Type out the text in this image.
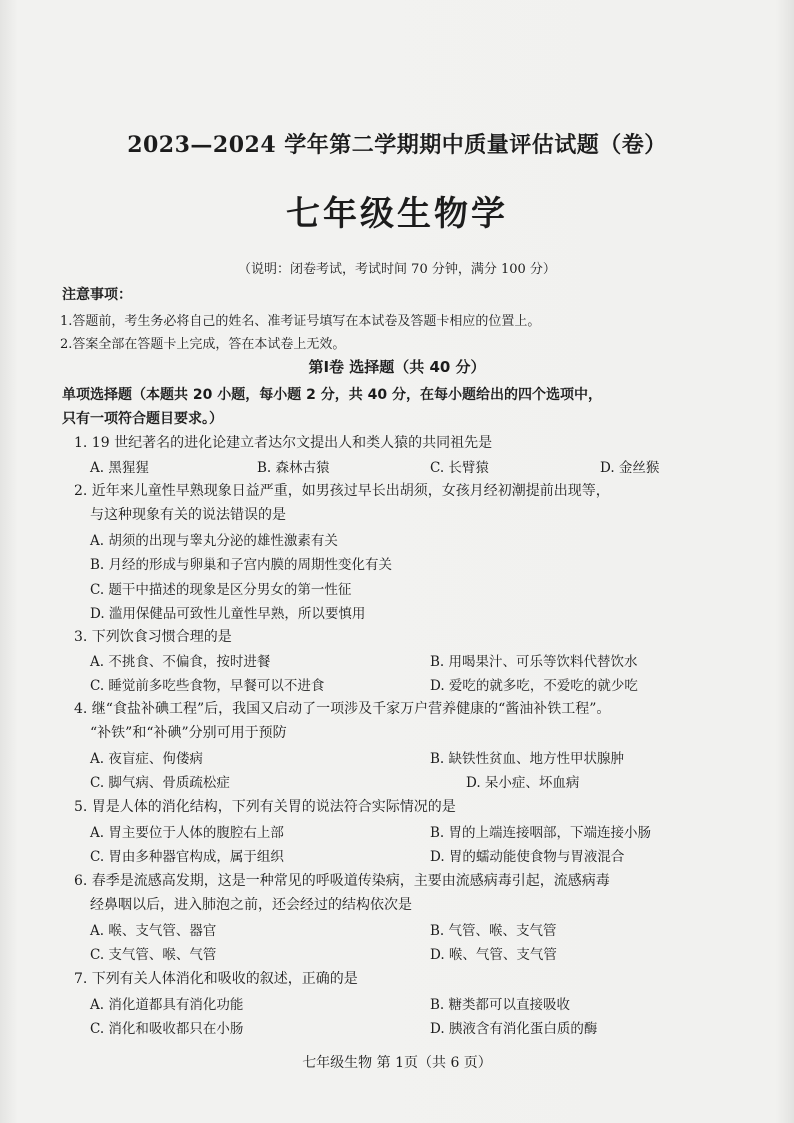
2023—2024 学年第二学期期中质量评估试题（卷）
七年级生物学
（说明：闭卷考试，考试时间 70 分钟，满分 100 分）
注意事项：
1.答题前，考生务必将自己的姓名、准考证号填写在本试卷及答题卡相应的位置上。
2.答案全部在答题卡上完成，答在本试卷上无效。
第Ⅰ卷 选择题（共 40 分）
单项选择题（本题共 20 小题，每小题 2 分，共 40 分，在每小题给出的四个选项中，
只有一项符合题目要求。）
1. 19 世纪著名的进化论建立者达尔文提出人和类人猿的共同祖先是
A. 黑猩猩	B. 森林古猿	C. 长臂猿	D. 金丝猴
2. 近年来儿童性早熟现象日益严重，如男孩过早长出胡须，女孩月经初潮提前出现等，
与这种现象有关的说法错误的是
A. 胡须的出现与睾丸分泌的雄性激素有关
B. 月经的形成与卵巢和子宫内膜的周期性变化有关
C. 题干中描述的现象是区分男女的第一性征
D. 滥用保健品可致性儿童性早熟，所以要慎用
3. 下列饮食习惯合理的是
A. 不挑食、不偏食，按时进餐	B. 用喝果汁、可乐等饮料代替饮水
C. 睡觉前多吃些食物，早餐可以不进食	D. 爱吃的就多吃，不爱吃的就少吃
4. 继“食盐补碘工程”后，我国又启动了一项涉及千家万户营养健康的“酱油补铁工程”。
“补铁”和“补碘”分别可用于预防
A. 夜盲症、佝偻病	B. 缺铁性贫血、地方性甲状腺肿
C. 脚气病、骨质疏松症	D. 呆小症、坏血病
5. 胃是人体的消化结构，下列有关胃的说法符合实际情况的是
A. 胃主要位于人体的腹腔右上部	B. 胃的上端连接咽部，下端连接小肠
C. 胃由多种器官构成，属于组织	D. 胃的蠕动能使食物与胃液混合
6. 春季是流感高发期，这是一种常见的呼吸道传染病，主要由流感病毒引起，流感病毒
经鼻咽以后，进入肺泡之前，还会经过的结构依次是
A. 喉、支气管、器官	B. 气管、喉、支气管
C. 支气管、喉、气管	D. 喉、气管、支气管
7. 下列有关人体消化和吸收的叙述，正确的是
A. 消化道都具有消化功能	B. 糖类都可以直接吸收
C. 消化和吸收都只在小肠	D. 胰液含有消化蛋白质的酶
七年级生物 第 1页（共 6 页）
